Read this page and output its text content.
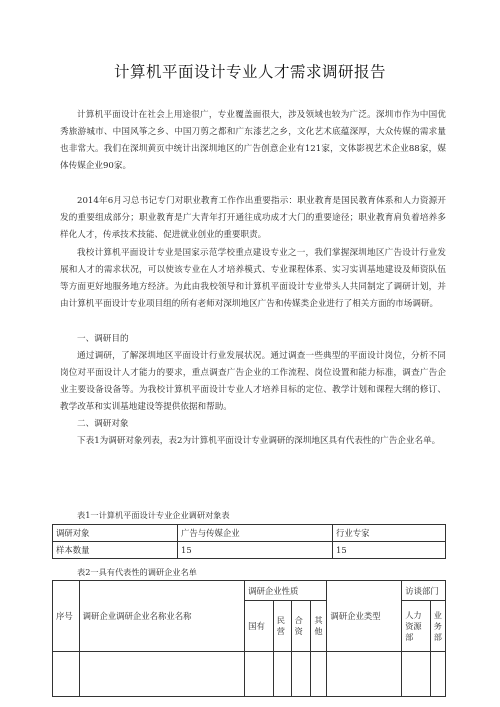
计算机平面设计专业人才需求调研报告

计算机平面设计在社会上用途很广，专业覆盖面很大，涉及领域也较为广泛。深圳市作为中国优秀旅游城市、中国风筝之乡、中国刀剪之都和广东漆艺之乡，文化艺术底蕴深厚，大众传媒的需求量也非常大。我们在深圳黄页中统计出深圳地区的广告创意企业有121家，文体影视艺术企业88家，媒体传媒企业90家。

2014年6月习总书记专门对职业教育工作作出重要指示：职业教育是国民教育体系和人力资源开发的重要组成部分；职业教育是广大青年打开通往成功成才大门的重要途径；职业教育肩负着培养多样化人才，传承技术技能、促进就业创业的重要职责。

我校计算机平面设计专业是国家示范学校重点建设专业之一，我们掌握深圳地区广告设计行业发展和人才的需求状况，可以使该专业在人才培养模式、专业课程体系、实习实训基地建设及师资队伍等方面更好地服务地方经济。为此由我校领导和计算机平面设计专业带头人共同制定了调研计划，并由计算机平面设计专业项目组的所有老师对深圳地区广告和传媒类企业进行了相关方面的市场调研。

一、调研目的

通过调研，了解深圳地区平面设计行业发展状况。通过调查一些典型的平面设计岗位，分析不同岗位对平面设计人才能力的要求，重点调查广告企业的工作流程、岗位设置和能力标准，调查广告企业主要设备设备等。为我校计算机平面设计专业人才培养目标的定位、教学计划和课程大纲的修订、教学改革和实训基地建设等提供依据和帮助。

二、调研对象

下表1为调研对象列表，表2为计算机平面设计专业调研的深圳地区具有代表性的广告企业名单。

表1一计算机平面设计专业企业调研对象表
调研对象	广告与传媒企业	行业专家
样本数量	15	15
表2一具有代表性的调研企业名单
序号	调研企业调研企业名称业名称	调研企业性质				调研企业类型	访谈部门	
		国有	民营	合资	其他		人力资源部	业务部
